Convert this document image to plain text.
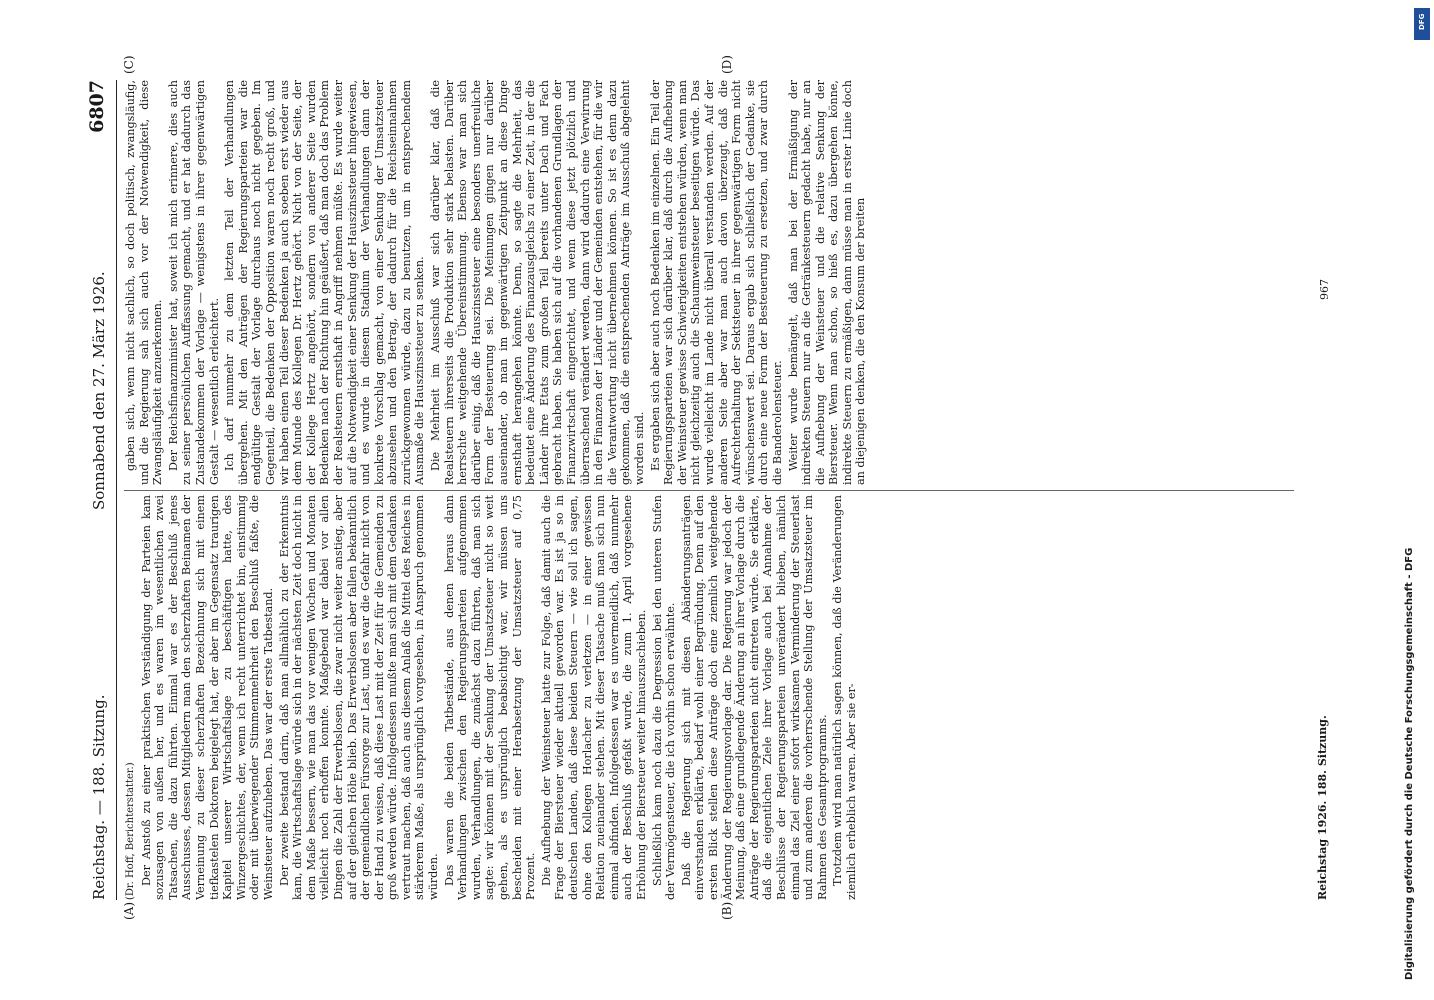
Reichstag. — 188. Sitzung.
Sonnabend den 27. März 1926.
6807
(A)	(B)
(C)	(D)

(Dr. Hoff, Berichterstatter.) Der Anstoß zu einer praktischen Verständigung der Parteien kam sozusagen von außen her, und es waren im wesentlichen zwei Tatsachen, die dazu führten. Einmal war es der Beschluß jenes Ausschusses, dessen Mitgliedern man den scherzhaften Beinamen der Verneinung zu dieser scherzhaften Bezeichnung sich mit einem tiefkastelen Doktoren beigelegt hat, der aber im Gegensatz traurigen Kapitel unserer Wirtschaftslage zu beschäftigen hatte, des Winzergeschichtes, der, wenn ich recht unterrichtet bin, einstimmig oder mit überwiegender Stimmenmehrheit den Beschluß faßte, die Weinsteuer aufzuheben. Das war der erste Tatbestand. Der zweite bestand darin, daß man allmählich zu der Erkenntnis kam, die Wirtschaftslage würde sich in der nächsten Zeit doch nicht in dem Maße bessern, wie man das vor wenigen Wochen und Monaten vielleicht noch erhoffen konnte. Maßgebend war dabei vor allen Dingen die Zahl der Erwerbslosen, die zwar nicht weiter anstieg, aber auf der gleichen Höhe blieb. Das Erwerbslosen aber fallen bekanntlich der gemeindlichen Fürsorge zur Last, und es war die Gefahr nicht von der Hand zu weisen, daß diese Last mit der Zeit für die Gemeinden zu groß werden würde. Infolgedessen mußte man sich mit dem Gedanken vertraut machen, daß auch aus diesem Anlaß die Mittel des Reiches in stärkerem Maße, als ursprünglich vorgesehen, in Anspruch genommen würden. Das waren die beiden Tatbestände, aus denen heraus dann Verhandlungen zwischen den Regierungsparteien aufgenommen wurden, Verhandlungen, die zunächst dazu führten, daß man sich sagte: wir können mit der Senkung der Umsatzsteuer nicht so weit gehen, als es ursprünglich beabsichtigt war, wir müssen uns bescheiden mit einer Herabsetzung der Umsatzsteuer auf 0,75 Prozent. Die Aufhebung der Weinsteuer hatte zur Folge, daß damit auch die Frage der Biersteuer wieder aktuell geworden war. Es ist ja so in deutschen Landen, daß diese beiden Steuern — wie soll ich sagen, ohne den Kollegen Horlacher zu verletzen — in einer gewissen Relation zueinander stehen. Mit dieser Tatsache muß man sich nun einmal abfinden. Infolgedessen war es unvermeidlich, daß nunmehr auch der Beschluß gefaßt wurde, die zum 1. April vorgesehene Erhöhung der Biersteuer weiter hinauszuschieben. Schließlich kam noch dazu die Degression bei den unteren Stufen der Vermögensteuer, die ich vorhin schon erwähnte. Daß die Regierung sich mit diesen Abänderungsanträgen einverstanden erklärte, bedarf wohl einer Begründung. Denn auf den ersten Blick stellen diese Anträge doch eine ziemlich weitgehende Änderung der Regierungsvorlage dar. Die Regierung war jedoch der Meinung, daß eine grundlegende Änderung an ihrer Vorlage durch die Anträge der Regierungsparteien nicht eintreten würde. Sie erklärte, daß die eigentlichen Ziele ihrer Vorlage auch bei Annahme der Beschlüsse der Regierungsparteien unverändert blieben, nämlich einmal das Ziel einer sofort wirksamen Verminderung der Steuerlast und zum anderen die vorherrschende Stellung der Umsatzsteuer im Rahmen des Gesamtprogramms. Trotzdem wird man natürlich sagen können, daß die Veränderungen ziemlich erheblich waren. Aber sie er-

gaben sich, wenn nicht sachlich, so doch politisch, zwangsläufig, und die Regierung sah sich auch vor der Notwendigkeit, diese Zwangsläufigkeit anzuerkennen. Der Reichsfinanzminister hat, soweit ich mich erinnere, dies auch zu seiner persönlichen Auffassung gemacht, und er hat dadurch das Zustandekommen der Vorlage — wenigstens in ihrer gegenwärtigen Gestalt — wesentlich erleichtert. Ich darf nunmehr zu dem letzten Teil der Verhandlungen übergehen. Mit den Anträgen der Regierungsparteien war die endgültige Gestalt der Vorlage durchaus noch nicht gegeben. Im Gegenteil, die Bedenken der Opposition waren noch recht groß, und wir haben einen Teil dieser Bedenken ja auch soeben erst wieder aus dem Munde des Kollegen Dr. Hertz gehört. Nicht von der Seite, der der Kollege Hertz angehört, sondern von anderer Seite wurden Bedenken nach der Richtung hin geäußert, daß man doch das Problem der Realsteuern ernsthaft in Angriff nehmen müßte. Es wurde weiter auf die Notwendigkeit einer Senkung der Hauszinssteuer hingewiesen, und es wurde in diesem Stadium der Verhandlungen dann der konkrete Vorschlag gemacht, von einer Senkung der Umsatzsteuer abzusehen und den Betrag, der dadurch für die Reichseinnahmen zurückgewonnen würde, dazu zu benutzen, um in entsprechendem Ausmaße die Hauszinssteuer zu senken. Die Mehrheit im Ausschuß war sich darüber klar, daß die Realsteuern ihrerseits die Produktion sehr stark belasten. Darüber herrschte weitgehende Übereinstimmung. Ebenso war man sich darüber einig, daß die Hauszinssteuer eine besonders unerfreuliche Form der Besteuerung sei. Die Meinungen gingen nur darüber auseinander, ob man im gegenwärtigen Zeitpunkt an diese Dinge ernsthaft herangehen könnte. Denn, so sagte die Mehrheit, das bedeutet eine Änderung des Finanzausgleichs zu einer Zeit, in der die Länder ihre Etats zum großen Teil bereits unter Dach und Fach gebracht haben. Sie haben sich auf die vorhandenen Grundlagen der Finanzwirtschaft eingerichtet, und wenn diese jetzt plötzlich und überraschend verändert werden, dann wird dadurch eine Verwirrung in den Finanzen der Länder und der Gemeinden entstehen, für die wir die Verantwortung nicht übernehmen können. So ist es denn dazu gekommen, daß die entsprechenden Anträge im Ausschuß abgelehnt worden sind. Es ergaben sich aber auch noch Bedenken im einzelnen. Ein Teil der Regierungsparteien war sich darüber klar, daß durch die Aufhebung der Weinsteuer gewisse Schwierigkeiten entstehen würden, wenn man nicht gleichzeitig auch die Schaumweinsteuer beseitigen würde. Das wurde vielleicht im Lande nicht überall verstanden werden. Auf der anderen Seite aber war man auch davon überzeugt, daß die Aufrechterhaltung der Sektsteuer in ihrer gegenwärtigen Form nicht wünschenswert sei. Daraus ergab sich schließlich der Gedanke, sie durch eine neue Form der Besteuerung zu ersetzen, und zwar durch die Banderolensteuer. Weiter wurde bemängelt, daß man bei der Ermäßigung der indirekten Steuern nur an die Getränkesteuern gedacht habe, nur an die Aufhebung der Weinsteuer und die relative Senkung der Biersteuer. Wenn man schon, so hieß es, dazu übergehen könne, indirekte Steuern zu ermäßigen, dann müsse man in erster Linie doch an diejenigen denken, die den Konsum der breiten

Reichstag 1926. 188. Sitzung.
967
DFG
Digitalisierung gefördert durch die Deutsche Forschungsgemeinschaft - DFG
